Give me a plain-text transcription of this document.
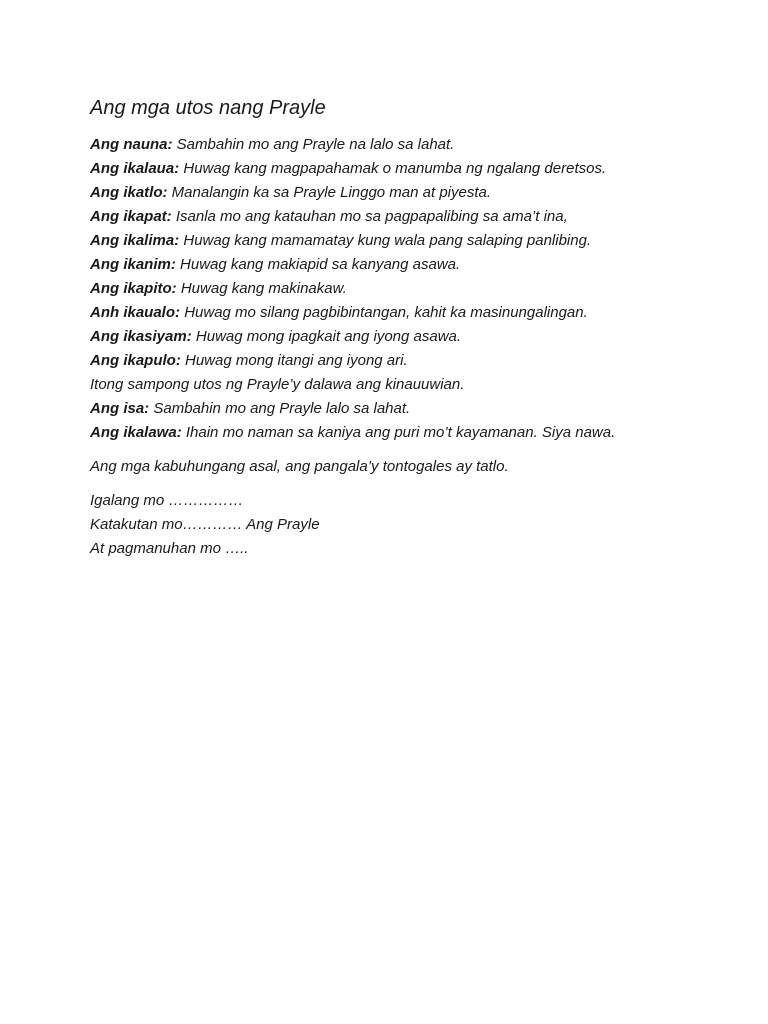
Ang mga utos nang Prayle
Ang nauna: Sambahin mo ang Prayle na lalo sa lahat.
Ang ikalaua: Huwag kang magpapahamak o manumba ng ngalang deretsos.
Ang ikatlo: Manalangin ka sa Prayle Linggo man at piyesta.
Ang ikapat: Isanla mo ang katauhan mo sa pagpapalibing sa ama’t ina,
Ang ikalima: Huwag kang mamamatay kung wala pang salaping panlibing.
Ang ikanim: Huwag kang makiapid sa kanyang asawa.
Ang ikapito: Huwag kang makinakaw.
Anh ikaualo: Huwag mo silang pagbibintangan, kahit ka masinungalingan.
Ang ikasiyam: Huwag mong ipagkait ang iyong asawa.
Ang ikapulo: Huwag mong itangi ang iyong ari.
Itong sampong utos ng Prayle’y dalawa ang kinauuwian.
Ang isa: Sambahin mo ang Prayle lalo sa lahat.
Ang ikalawa: Ihain mo naman sa kaniya ang puri mo’t kayamanan. Siya nawa.
Ang mga kabuhungang asal, ang pangala’y tontogales ay tatlo.
Igalang mo ……………
Katakutan mo………… Ang Prayle
At pagmanuhan mo …..
